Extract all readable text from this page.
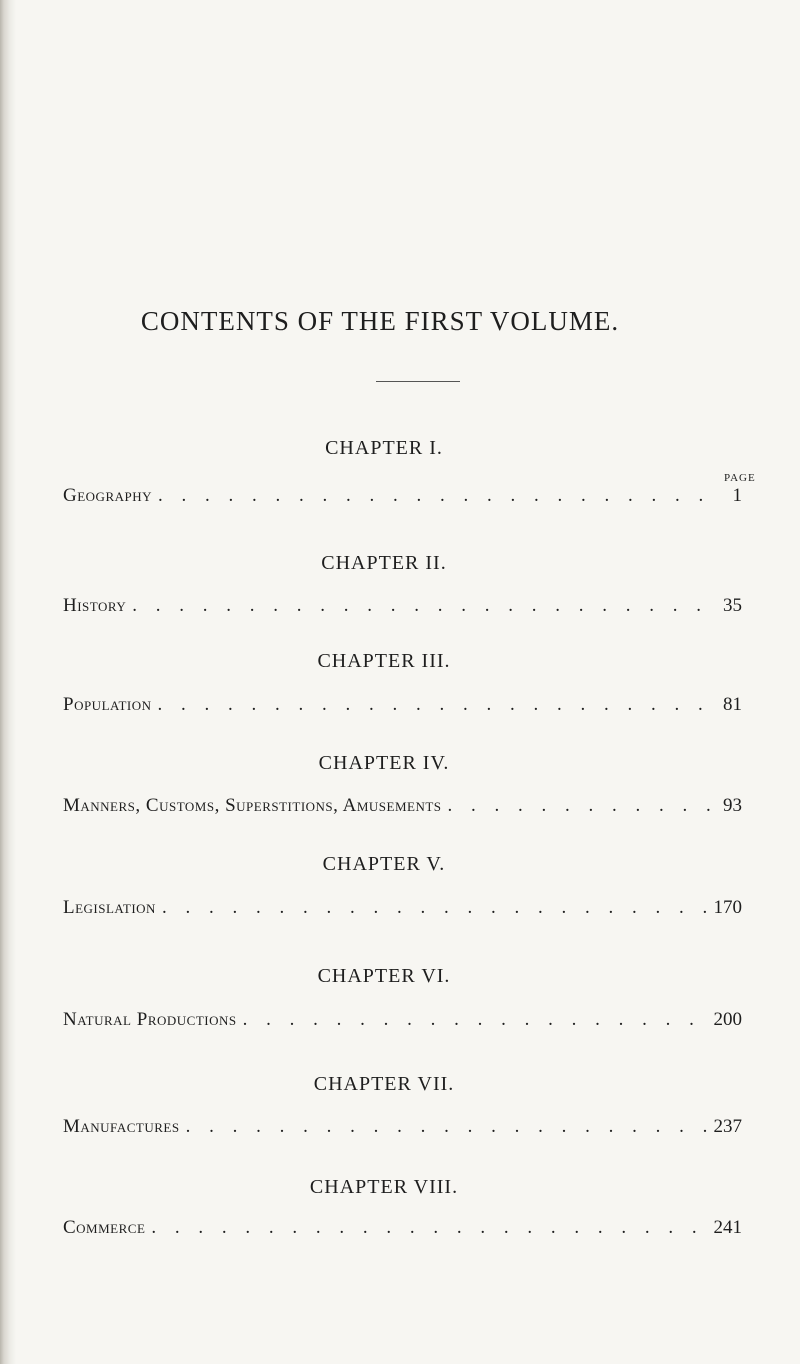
CONTENTS OF THE FIRST VOLUME.
CHAPTER I.
PAGE
Geography . . .	1
CHAPTER II.
History . . .	35
CHAPTER III.
Population . . .	81
CHAPTER IV.
Manners, Customs, Superstitions, Amusements . . .	93
CHAPTER V.
Legislation . . .	170
CHAPTER VI.
Natural Productions . . .	200
CHAPTER VII.
Manufactures . . .	237
CHAPTER VIII.
Commerce . . .	241
